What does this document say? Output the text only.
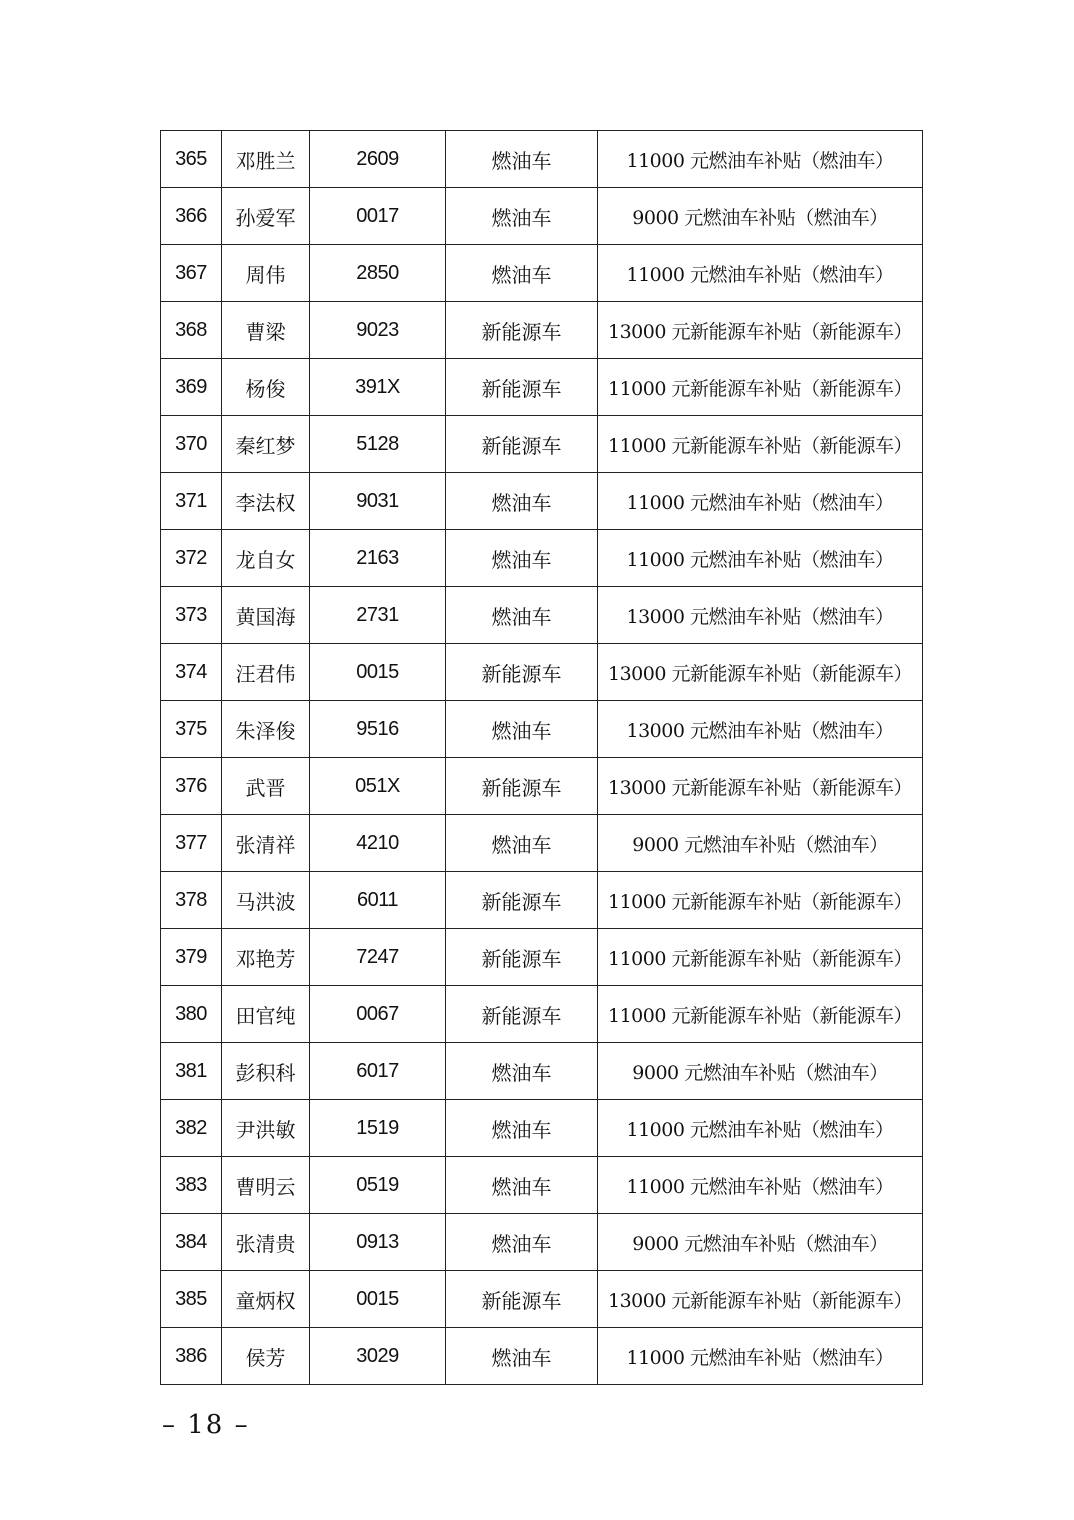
365	邓胜兰	2609	燃油车	11000 元燃油车补贴（燃油车）
366	孙爱军	0017	燃油车	9000 元燃油车补贴（燃油车）
367	周伟	2850	燃油车	11000 元燃油车补贴（燃油车）
368	曹梁	9023	新能源车	13000 元新能源车补贴（新能源车）
369	杨俊	391X	新能源车	11000 元新能源车补贴（新能源车）
370	秦红梦	5128	新能源车	11000 元新能源车补贴（新能源车）
371	李法权	9031	燃油车	11000 元燃油车补贴（燃油车）
372	龙自女	2163	燃油车	11000 元燃油车补贴（燃油车）
373	黄国海	2731	燃油车	13000 元燃油车补贴（燃油车）
374	汪君伟	0015	新能源车	13000 元新能源车补贴（新能源车）
375	朱泽俊	9516	燃油车	13000 元燃油车补贴（燃油车）
376	武晋	051X	新能源车	13000 元新能源车补贴（新能源车）
377	张清祥	4210	燃油车	9000 元燃油车补贴（燃油车）
378	马洪波	6011	新能源车	11000 元新能源车补贴（新能源车）
379	邓艳芳	7247	新能源车	11000 元新能源车补贴（新能源车）
380	田官纯	0067	新能源车	11000 元新能源车补贴（新能源车）
381	彭积科	6017	燃油车	9000 元燃油车补贴（燃油车）
382	尹洪敏	1519	燃油车	11000 元燃油车补贴（燃油车）
383	曹明云	0519	燃油车	11000 元燃油车补贴（燃油车）
384	张清贵	0913	燃油车	9000 元燃油车补贴（燃油车）
385	童炳权	0015	新能源车	13000 元新能源车补贴（新能源车）
386	侯芳	3029	燃油车	11000 元燃油车补贴（燃油车）
– 18 –
